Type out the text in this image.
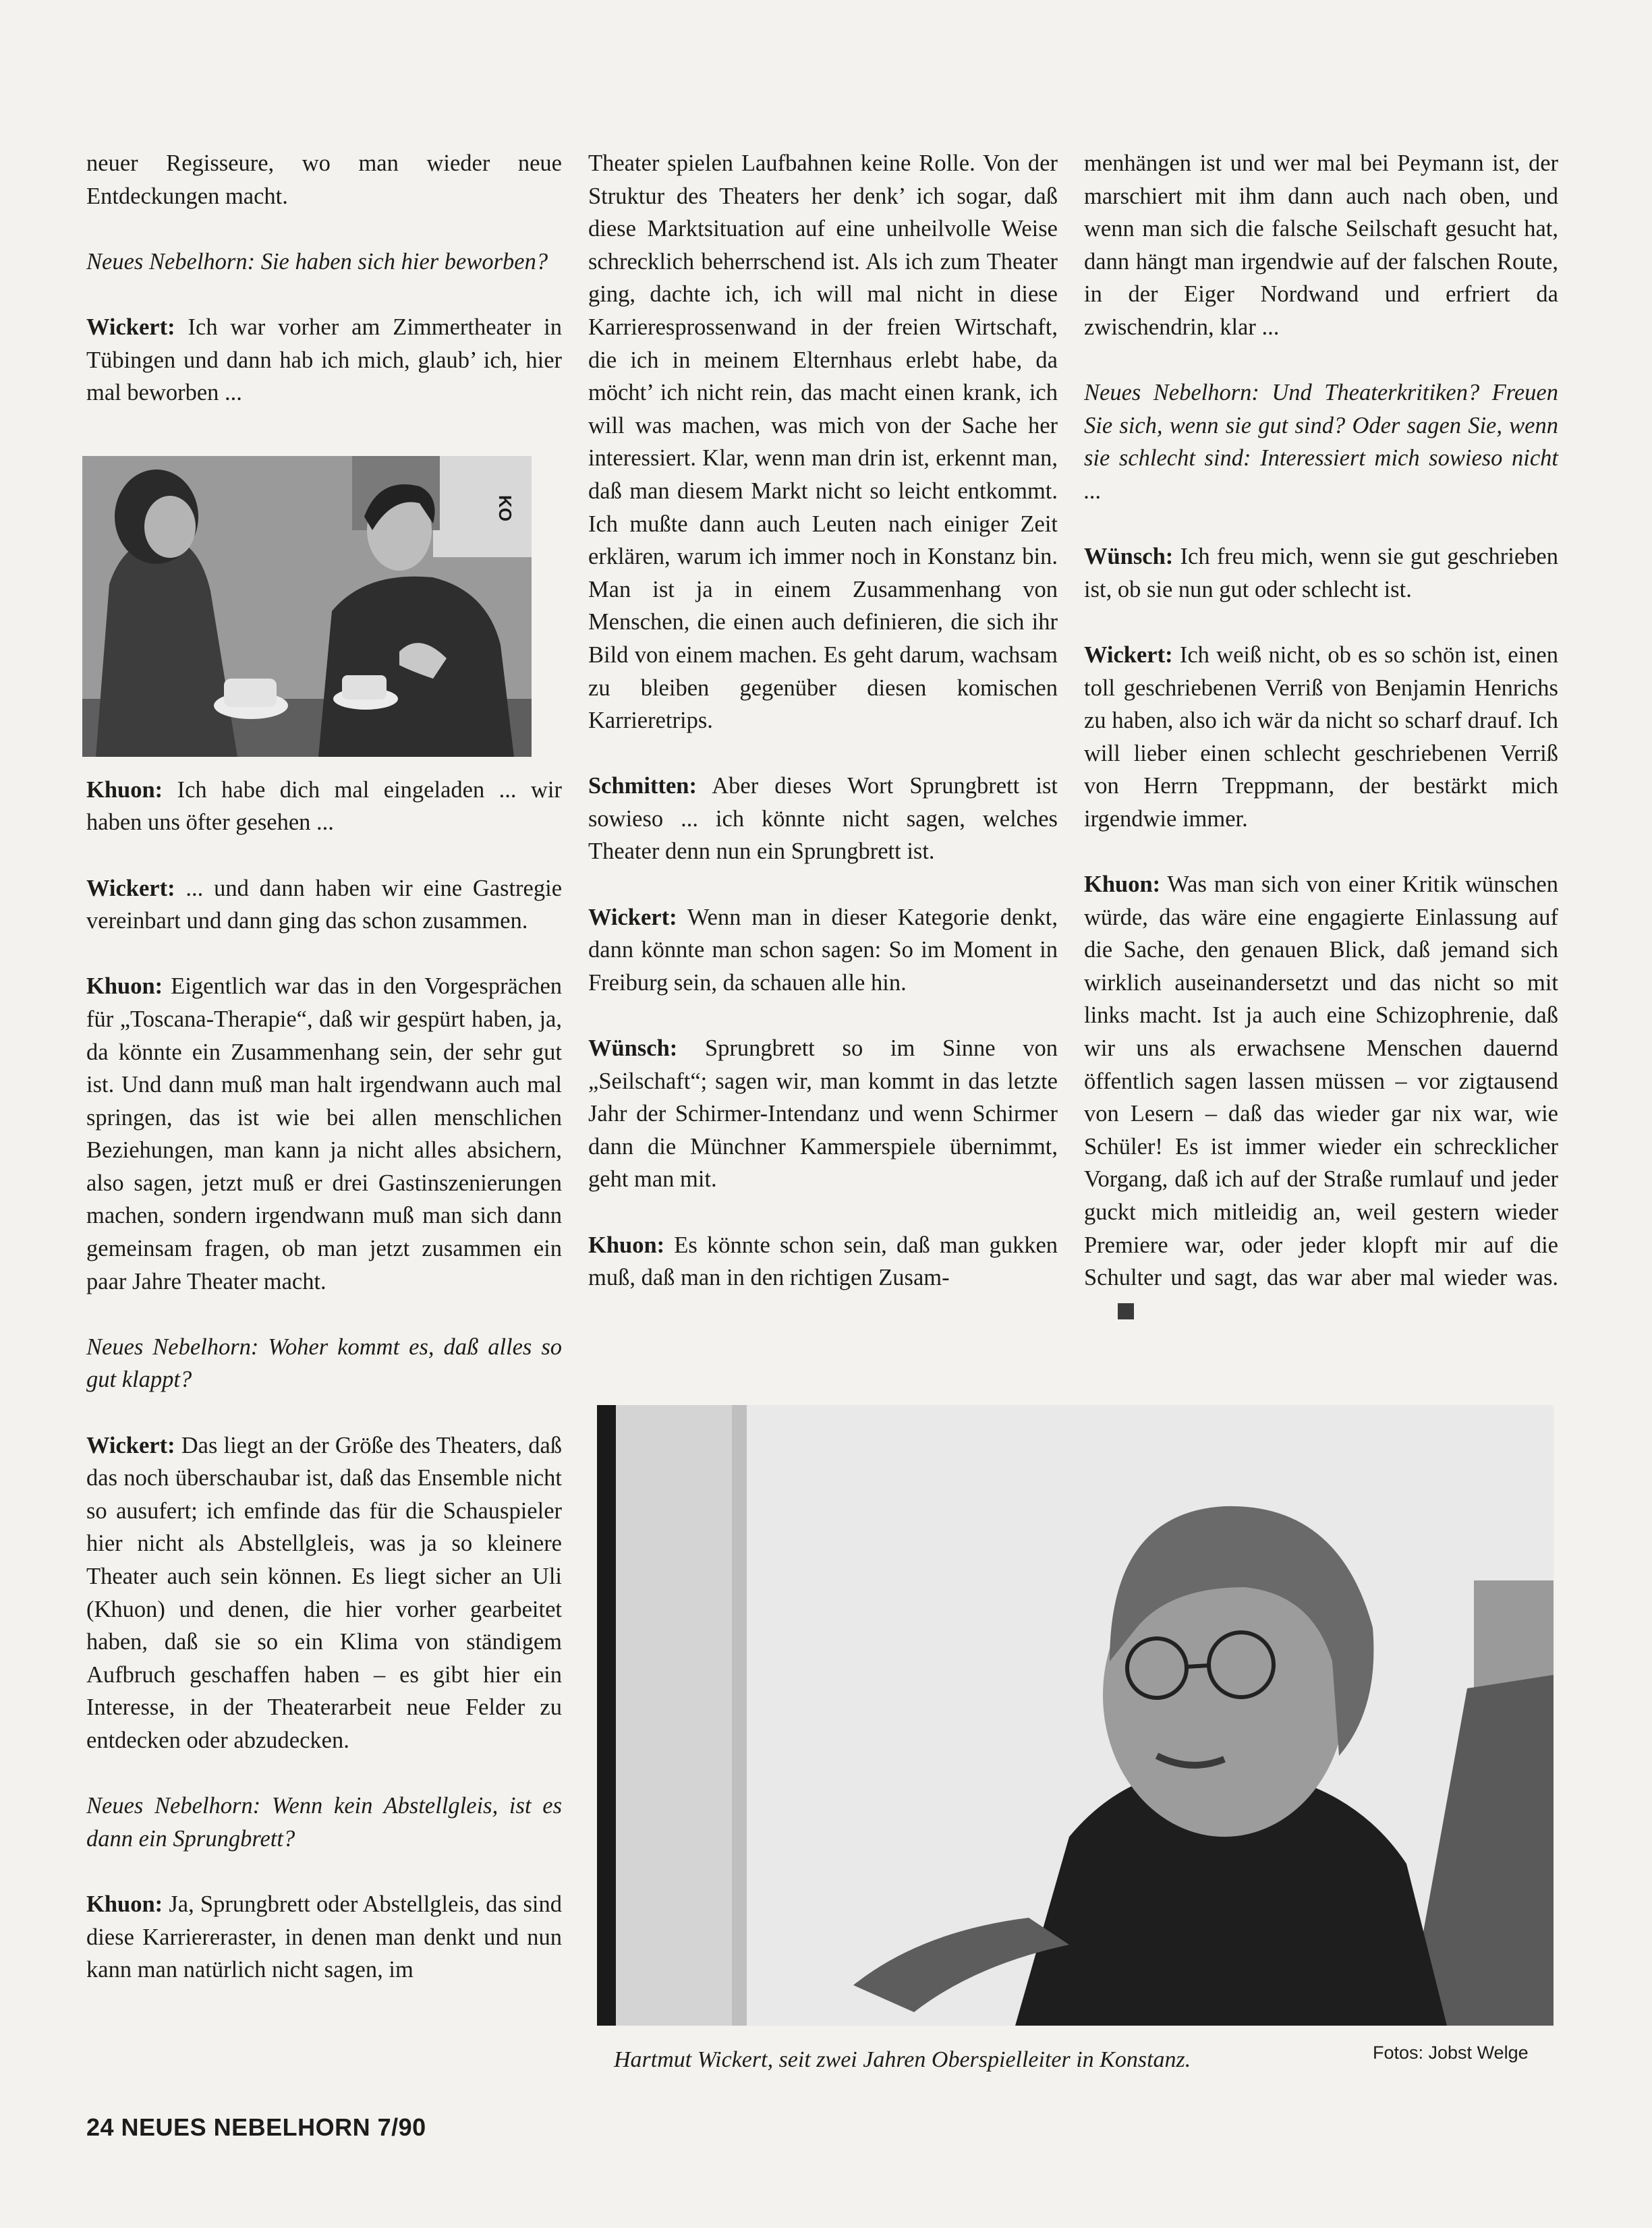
neuer Regisseure, wo man wieder neue Entdeckungen macht.

Neues Nebelhorn: Sie haben sich hier beworben?

Wickert: Ich war vorher am Zimmertheater in Tübingen und dann hab ich mich, glaub’ ich, hier mal beworben ...

Khuon: Ich habe dich mal eingeladen ... wir haben uns öfter gesehen ...

Wickert: ... und dann haben wir eine Gastregie vereinbart und dann ging das schon zusammen.

Khuon: Eigentlich war das in den Vorgesprächen für „Toscana-Therapie“, daß wir gespürt haben, ja, da könnte ein Zusammenhang sein, der sehr gut ist. Und dann muß man halt irgendwann auch mal springen, das ist wie bei allen menschlichen Beziehungen, man kann ja nicht alles absichern, also sagen, jetzt muß er drei Gastinszenierungen machen, sondern irgendwann muß man sich dann gemeinsam fragen, ob man jetzt zusammen ein paar Jahre Theater macht.

Neues Nebelhorn: Woher kommt es, daß alles so gut klappt?

Wickert: Das liegt an der Größe des Theaters, daß das noch überschaubar ist, daß das Ensemble nicht so ausufert; ich emfinde das für die Schauspieler hier nicht als Abstellgleis, was ja so kleinere Theater auch sein können. Es liegt sicher an Uli (Khuon) und denen, die hier vorher gearbeitet haben, daß sie so ein Klima von ständigem Aufbruch geschaffen haben – es gibt hier ein Interesse, in der Theaterarbeit neue Felder zu entdecken oder abzudecken.

Neues Nebelhorn: Wenn kein Abstellgleis, ist es dann ein Sprungbrett?

Khuon: Ja, Sprungbrett oder Abstellgleis, das sind diese Karriereraster, in denen man denkt und nun kann man natürlich nicht sagen, im

KO

Theater spielen Laufbahnen keine Rolle. Von der Struktur des Theaters her denk’ ich sogar, daß diese Marktsituation auf eine unheilvolle Weise schrecklich beherrschend ist. Als ich zum Theater ging, dachte ich, ich will mal nicht in diese Karrieresprossenwand in der freien Wirtschaft, die ich in meinem Elternhaus erlebt habe, da möcht’ ich nicht rein, das macht einen krank, ich will was machen, was mich von der Sache her interessiert. Klar, wenn man drin ist, erkennt man, daß man diesem Markt nicht so leicht entkommt. Ich mußte dann auch Leuten nach einiger Zeit erklären, warum ich immer noch in Konstanz bin. Man ist ja in einem Zusammenhang von Menschen, die einen auch definieren, die sich ihr Bild von einem machen. Es geht darum, wachsam zu bleiben gegenüber diesen komischen Karrieretrips.

Schmitten: Aber dieses Wort Sprungbrett ist sowieso ... ich könnte nicht sagen, welches Theater denn nun ein Sprungbrett ist.

Wickert: Wenn man in dieser Kategorie denkt, dann könnte man schon sagen: So im Moment in Freiburg sein, da schauen alle hin.

Wünsch: Sprungbrett so im Sinne von „Seilschaft“; sagen wir, man kommt in das letzte Jahr der Schirmer-Intendanz und wenn Schirmer dann die Münchner Kammerspiele übernimmt, geht man mit.

Khuon: Es könnte schon sein, daß man gukken muß, daß man in den richtigen Zusam-

menhängen ist und wer mal bei Peymann ist, der marschiert mit ihm dann auch nach oben, und wenn man sich die falsche Seilschaft gesucht hat, dann hängt man irgendwie auf der falschen Route, in der Eiger Nordwand und erfriert da zwischendrin, klar ...

Neues Nebelhorn: Und Theaterkritiken? Freuen Sie sich, wenn sie gut sind? Oder sagen Sie, wenn sie schlecht sind: Interessiert mich sowieso nicht ...

Wünsch: Ich freu mich, wenn sie gut geschrieben ist, ob sie nun gut oder schlecht ist.

Wickert: Ich weiß nicht, ob es so schön ist, einen toll geschriebenen Verriß von Benjamin Henrichs zu haben, also ich wär da nicht so scharf drauf. Ich will lieber einen schlecht geschriebenen Verriß von Herrn Treppmann, der bestärkt mich irgendwie immer.

Khuon: Was man sich von einer Kritik wünschen würde, das wäre eine engagierte Einlassung auf die Sache, den genauen Blick, daß jemand sich wirklich auseinandersetzt und das nicht so mit links macht. Ist ja auch eine Schizophrenie, daß wir uns als erwachsene Menschen dauernd öffentlich sagen lassen müssen – vor zigtausend von Lesern – daß das wieder gar nix war, wie Schüler! Es ist immer wieder ein schrecklicher Vorgang, daß ich auf der Straße rumlauf und jeder guckt mich mitleidig an, weil gestern wieder Premiere war, oder jeder klopft mir auf die Schulter und sagt, das war aber mal wieder was.

Hartmut Wickert, seit zwei Jahren Oberspielleiter in Konstanz.	Fotos: Jobst Welge
24 NEUES NEBELHORN 7/90
